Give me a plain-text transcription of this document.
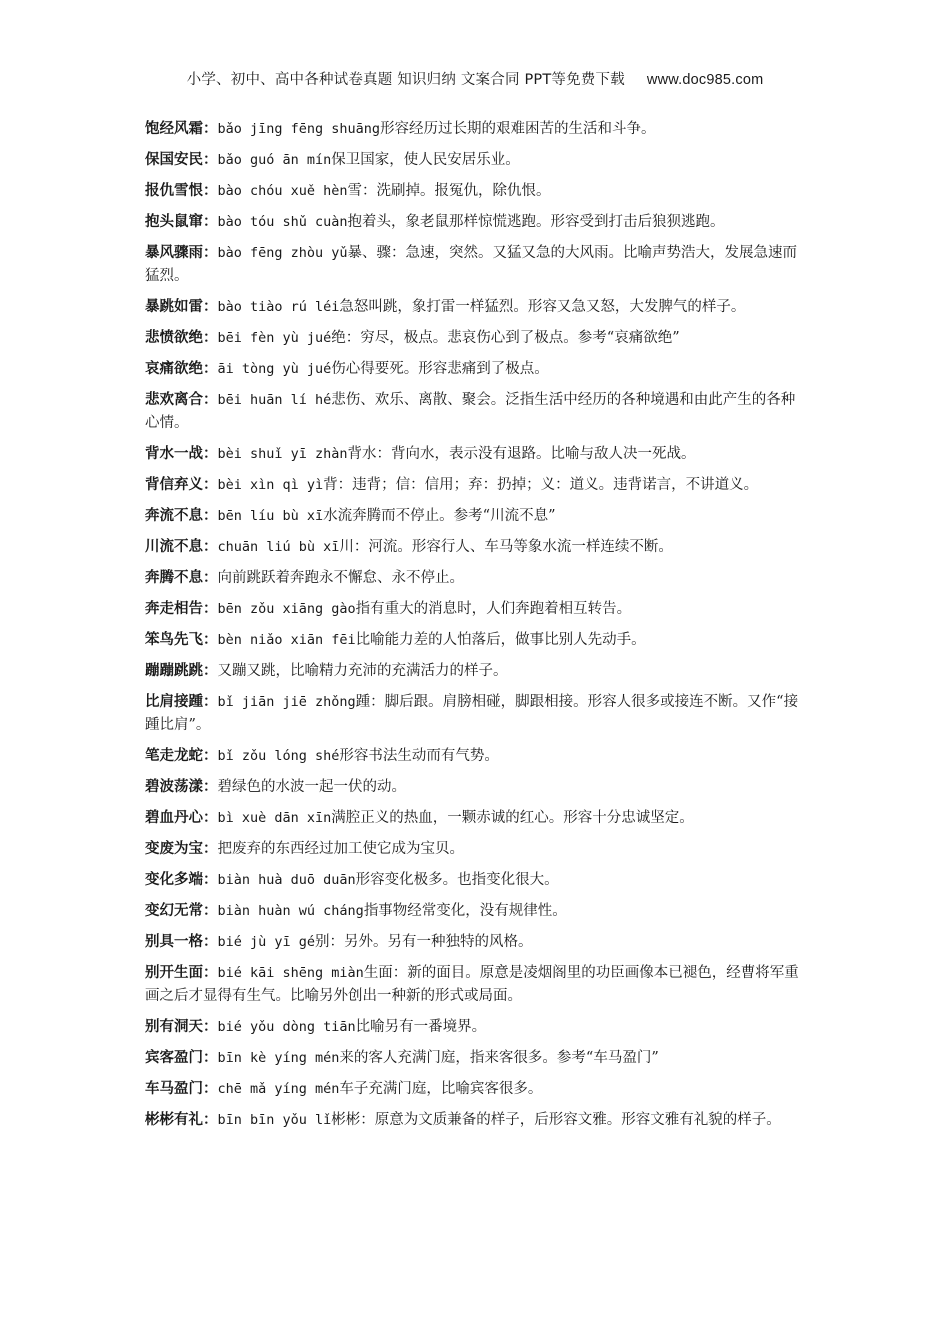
小学、初中、高中各种试卷真题 知识归纳 文案合同 PPT等免费下载 www.doc985.com
饱经风霜：bǎo jīng fēng shuāng形容经历过长期的艰难困苦的生活和斗争。
保国安民：bǎo guó ān mín保卫国家，使人民安居乐业。
报仇雪恨：bào chóu xuě hèn雪：洗刷掉。报冤仇，除仇恨。
抱头鼠窜：bào tóu shǔ cuàn抱着头，象老鼠那样惊慌逃跑。形容受到打击后狼狈逃跑。
暴风骤雨：bào fēng zhòu yǔ暴、骤：急速，突然。又猛又急的大风雨。比喻声势浩大，发展急速而猛烈。
暴跳如雷：bào tiào rú léi急怒叫跳，象打雷一样猛烈。形容又急又怒，大发脾气的样子。
悲愤欲绝：bēi fèn yù jué绝：穷尽，极点。悲哀伤心到了极点。参考“哀痛欲绝”
哀痛欲绝：āi tòng yù jué伤心得要死。形容悲痛到了极点。
悲欢离合：bēi huān lí hé悲伤、欢乐、离散、聚会。泛指生活中经历的各种境遇和由此产生的各种心情。
背水一战：bèi shuǐ yī zhàn背水：背向水，表示没有退路。比喻与敌人决一死战。
背信弃义：bèi xìn qì yì背：违背；信：信用；弃：扔掉；义：道义。违背诺言，不讲道义。
奔流不息：bēn líu bù xī水流奔腾而不停止。参考“川流不息”
川流不息：chuān liú bù xī川：河流。形容行人、车马等象水流一样连续不断。
奔腾不息：向前跳跃着奔跑永不懈怠、永不停止。
奔走相告：bēn zǒu xiāng gào指有重大的消息时，人们奔跑着相互转告。
笨鸟先飞：bèn niǎo xiān fēi比喻能力差的人怕落后，做事比别人先动手。
蹦蹦跳跳：又蹦又跳，比喻精力充沛的充满活力的样子。
比肩接踵：bǐ jiān jiē zhǒng踵：脚后跟。肩膀相碰，脚跟相接。形容人很多或接连不断。又作“接踵比肩”。
笔走龙蛇：bǐ zǒu lóng shé形容书法生动而有气势。
碧波荡漾：碧绿色的水波一起一伏的动。
碧血丹心：bì xuè dān xīn满腔正义的热血，一颗赤诚的红心。形容十分忠诚坚定。
变废为宝：把废弃的东西经过加工使它成为宝贝。
变化多端：biàn huà duō duān形容变化极多。也指变化很大。
变幻无常：biàn huàn wú cháng指事物经常变化，没有规律性。
别具一格：bié jù yī gé别：另外。另有一种独特的风格。
别开生面：bié kāi shēng miàn生面：新的面目。原意是凌烟阁里的功臣画像本已褪色，经曹将军重画之后才显得有生气。比喻另外创出一种新的形式或局面。
别有洞天：bié yǒu dòng tiān比喻另有一番境界。
宾客盈门：bīn kè yíng mén来的客人充满门庭，指来客很多。参考“车马盈门”
车马盈门：chē mǎ yíng mén车子充满门庭，比喻宾客很多。
彬彬有礼：bīn bīn yǒu lǐ彬彬：原意为文质兼备的样子，后形容文雅。形容文雅有礼貌的样子。
